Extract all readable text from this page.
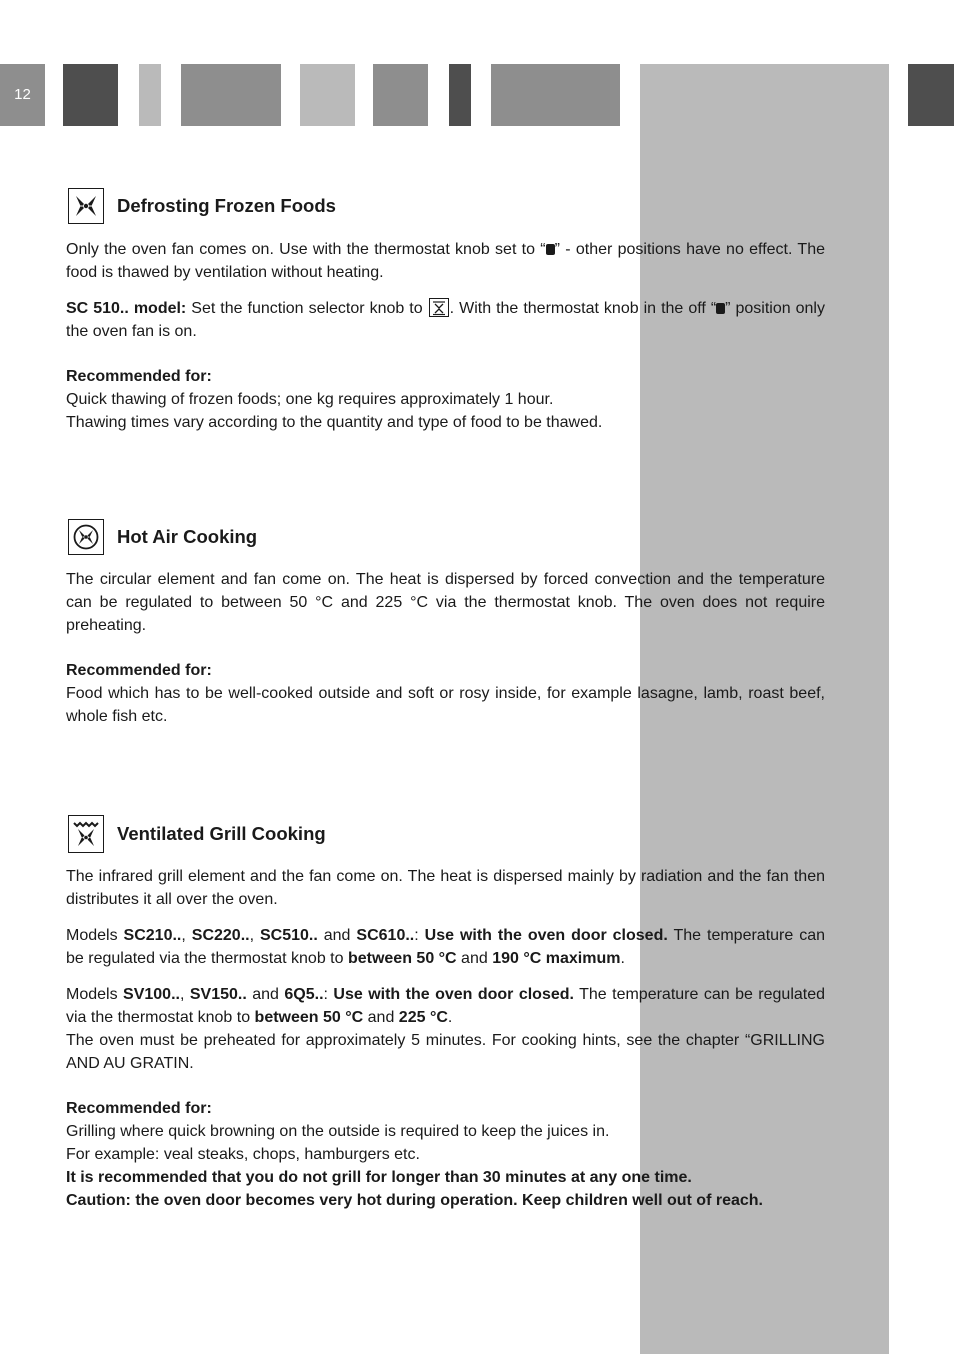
12
Defrosting Frozen Foods

Only the oven fan comes on. Use with the thermostat knob set to “ ” - other positions have no effect. The food is thawed by ventilation without heating.

SC 510.. model: Set the function selector knob to . With the thermostat knob in the off “ ” position only the oven fan is on.

Recommended for:

Quick thawing of frozen foods; one kg requires approximately 1 hour.

Thawing times vary according to the quantity and type of food to be thawed.

Hot Air Cooking

The circular element and fan come on. The heat is dispersed by forced convection and the temperature can be regulated to between 50 °C and 225 °C via the thermostat knob. The oven does not require preheating.

Recommended for:

Food which has to be well-cooked outside and soft or rosy inside, for example lasagne, lamb, roast beef, whole fish etc.

Ventilated Grill Cooking

The infrared grill element and the fan come on. The heat is dispersed mainly by radiation and the fan then distributes it all over the oven.

Models SC210.., SC220.., SC510.. and SC610..: Use with the oven door closed. The temperature can be regulated via the thermostat knob to between 50 °C and 190 °C maximum.

Models SV100.., SV150.. and 6Q5..: Use with the oven door closed. The temperature can be regulated via the thermostat knob to between 50 °C and 225 °C.

The oven must be preheated for approximately 5 minutes. For cooking hints, see the chapter “GRILLING AND AU GRATIN.

Recommended for:

Grilling where quick browning on the outside is required to keep the juices in.

For example: veal steaks, chops, hamburgers etc.

It is recommended that you do not grill for longer than 30 minutes at any one time.

Caution: the oven door becomes very hot during operation. Keep children well out of reach.
